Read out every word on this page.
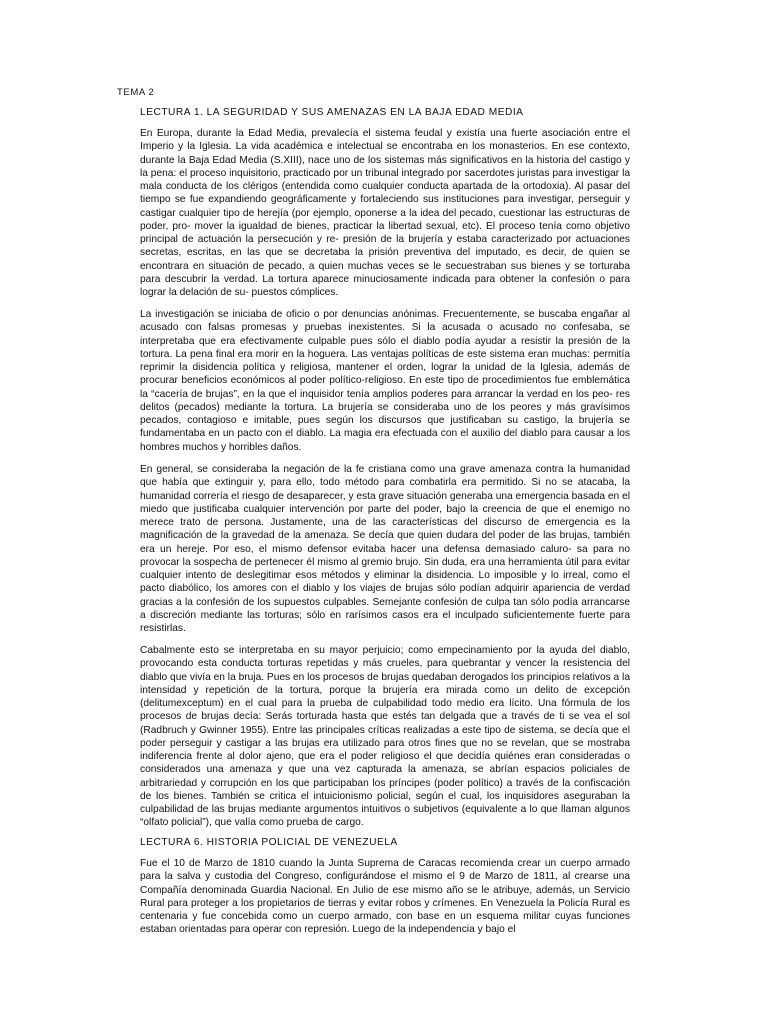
TEMA 2
LECTURA 1. LA SEGURIDAD Y SUS AMENAZAS EN LA BAJA EDAD MEDIA

En Europa, durante la Edad Media, prevalecía el sistema feudal y existía una fuerte asociación entre el Imperio y la Iglesia. La vida académica e intelectual se encontraba en los monasterios. En ese contexto, durante la Baja Edad Media (S.XIII), nace uno de los sistemas más significativos en la historia del castigo y la pena: el proceso inquisitorio, practicado por un tribunal integrado por sacerdotes juristas para investigar la mala conducta de los clérigos (entendida como cualquier conducta apartada de la ortodoxia). Al pasar del tiempo se fue expandiendo geográficamente y fortaleciendo sus instituciones para investigar, perseguir y castigar cualquier tipo de herejía (por ejemplo, oponerse a la idea del pecado, cuestionar las estructuras de poder, pro- mover la igualdad de bienes, practicar la libertad sexual, etc). El proceso tenía como objetivo principal de actuación la persecución y re- presión de la brujería y estaba caracterizado por actuaciones secretas, escritas, en las que se decretaba la prisión preventiva del imputado, es decir, de quien se encontrara en situación de pecado, a quien muchas veces se le secuestraban sus bienes y se torturaba para descubrir la verdad. La tortura aparece minuciosamente indicada para obtener la confesión o para lograr la delación de su- puestos cómplices.

La investigación se iniciaba de oficio o por denuncias anónimas. Frecuentemente, se buscaba engañar al acusado con falsas promesas y pruebas inexistentes. Si la acusada o acusado no confesaba, se interpretaba que era efectivamente culpable pues sólo el diablo podía ayudar a resistir la presión de la tortura. La pena final era morir en la hoguera. Las ventajas políticas de este sistema eran muchas: permitía reprimir la disidencia política y religiosa, mantener el orden, lograr la unidad de la Iglesia, además de procurar beneficios económicos al poder político-religioso. En este tipo de procedimientos fue emblemática la “cacería de brujas”, en la que el inquisidor tenía amplios poderes para arrancar la verdad en los peo- res delitos (pecados) mediante la tortura. La brujería se consideraba uno de los peores y más gravísimos pecados, contagioso e imitable, pues según los discursos que justificaban su castigo, la brujería se fundamentaba en un pacto con el diablo. La magia era efectuada con el auxilio del diablo para causar a los hombres muchos y horribles daños.

En general, se consideraba la negación de la fe cristiana como una grave amenaza contra la humanidad que había que extinguir y, para ello, todo método para combatirla era permitido. Si no se atacaba, la humanidad correría el riesgo de desaparecer, y esta grave situación generaba una emergencia basada en el miedo que justificaba cualquier intervención por parte del poder, bajo la creencia de que el enemigo no merece trato de persona. Justamente, una de las características del discurso de emergencia es la magnificación de la gravedad de la amenaza. Se decía que quien dudara del poder de las brujas, también era un hereje. Por eso, el mismo defensor evitaba hacer una defensa demasiado caluro- sa para no provocar la sospecha de pertenecer él mismo al gremio brujo. Sin duda, era una herramienta útil para evitar cualquier intento de deslegitimar esos métodos y eliminar la disidencia. Lo imposible y lo irreal, como el pacto diabólico, los amores con el diablo y los viajes de brujas sólo podían adquirir apariencia de verdad gracias a la confesión de los supuestos culpables. Semejante confesión de culpa tan sólo podía arrancarse a discreción mediante las torturas; sólo en rarísimos casos era el inculpado suficientemente fuerte para resistirlas.

Cabalmente esto se interpretaba en su mayor perjuicio; como empecinamiento por la ayuda del diablo, provocando esta conducta torturas repetidas y más crueles, para quebrantar y vencer la resistencia del diablo que vivía en la bruja. Pues en los procesos de brujas quedaban derogados los principios relativos a la intensidad y repetición de la tortura, porque la brujería era mirada como un delito de excepción (delitumexceptum) en el cual para la prueba de culpabilidad todo medio era lícito. Una fórmula de los procesos de brujas decía: Serás torturada hasta que estés tan delgada que a través de ti se vea el sol (Radbruch y Gwinner 1955). Entre las principales críticas realizadas a este tipo de sistema, se decía que el poder perseguir y castigar a las brujas era utilizado para otros fines que no se revelan, que se mostraba indiferencia frente al dolor ajeno, que era el poder religioso el que decidía quiénes eran consideradas o considerados una amenaza y que una vez capturada la amenaza, se abrían espacios policiales de arbitrariedad y corrupción en los que participaban los príncipes (poder político) a través de la confiscación de los bienes. También se critica el intuicionismo policial, según el cual, los inquisidores aseguraban la culpabilidad de las brujas mediante argumentos intuitivos o subjetivos (equivalente a lo que llaman algunos “olfato policial”), que valía como prueba de cargo.

LECTURA 6. HISTORIA POLICIAL DE VENEZUELA

Fue el 10 de Marzo de 1810 cuando la Junta Suprema de Caracas recomienda crear un cuerpo armado para la salva y custodia del Congreso, configurándose el mismo el 9 de Marzo de 1811, al crearse una Compañía denominada Guardia Nacional. En Julio de ese mismo año se le atribuye, además, un Servicio Rural para proteger a los propietarios de tierras y evitar robos y crímenes. En Venezuela la Policía Rural es centenaria y fue concebida como un cuerpo armado, con base en un esquema militar cuyas funciones estaban orientadas para operar con represión. Luego de la independencia y bajo el
